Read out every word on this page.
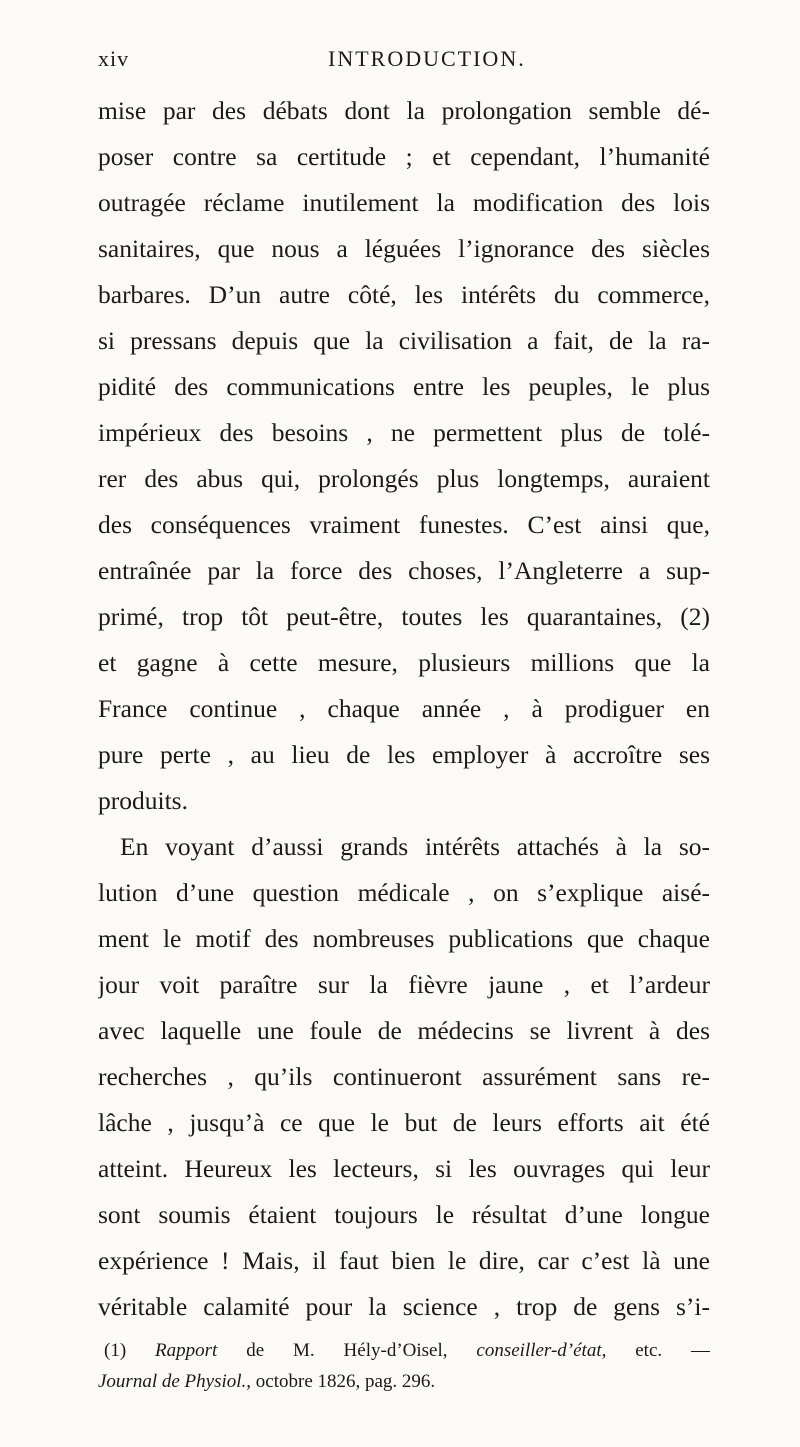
xiv	INTRODUCTION.
mise par des débats dont la prolongation semble dé-
poser contre sa certitude ; et cependant, l’humanité
outragée réclame inutilement la modification des lois
sanitaires, que nous a léguées l’ignorance des siècles
barbares. D’un autre côté, les intérêts du commerce,
si pressans depuis que la civilisation a fait, de la ra-
pidité des communications entre les peuples, le plus
impérieux des besoins , ne permettent plus de tolé-
rer des abus qui, prolongés plus longtemps, auraient
des conséquences vraiment funestes. C’est ainsi que,
entraînée par la force des choses, l’Angleterre a sup-
primé, trop tôt peut-être, toutes les quarantaines, (2)
et gagne à cette mesure, plusieurs millions que la
France continue , chaque année , à prodiguer en
pure perte , au lieu de les employer à accroître ses
produits.
En voyant d’aussi grands intérêts attachés à la so-
lution d’une question médicale , on s’explique aisé-
ment le motif des nombreuses publications que chaque
jour voit paraître sur la fièvre jaune , et l’ardeur
avec laquelle une foule de médecins se livrent à des
recherches , qu’ils continueront assurément sans re-
lâche , jusqu’à ce que le but de leurs efforts ait été
atteint. Heureux les lecteurs, si les ouvrages qui leur
sont soumis étaient toujours le résultat d’une longue
expérience ! Mais, il faut bien le dire, car c’est là une
véritable calamité pour la science , trop de gens s’i-
(1) Rapport de M. Hély-d’Oisel, conseiller-d’état, etc. —
Journal de Physiol., octobre 1826, pag. 296.
